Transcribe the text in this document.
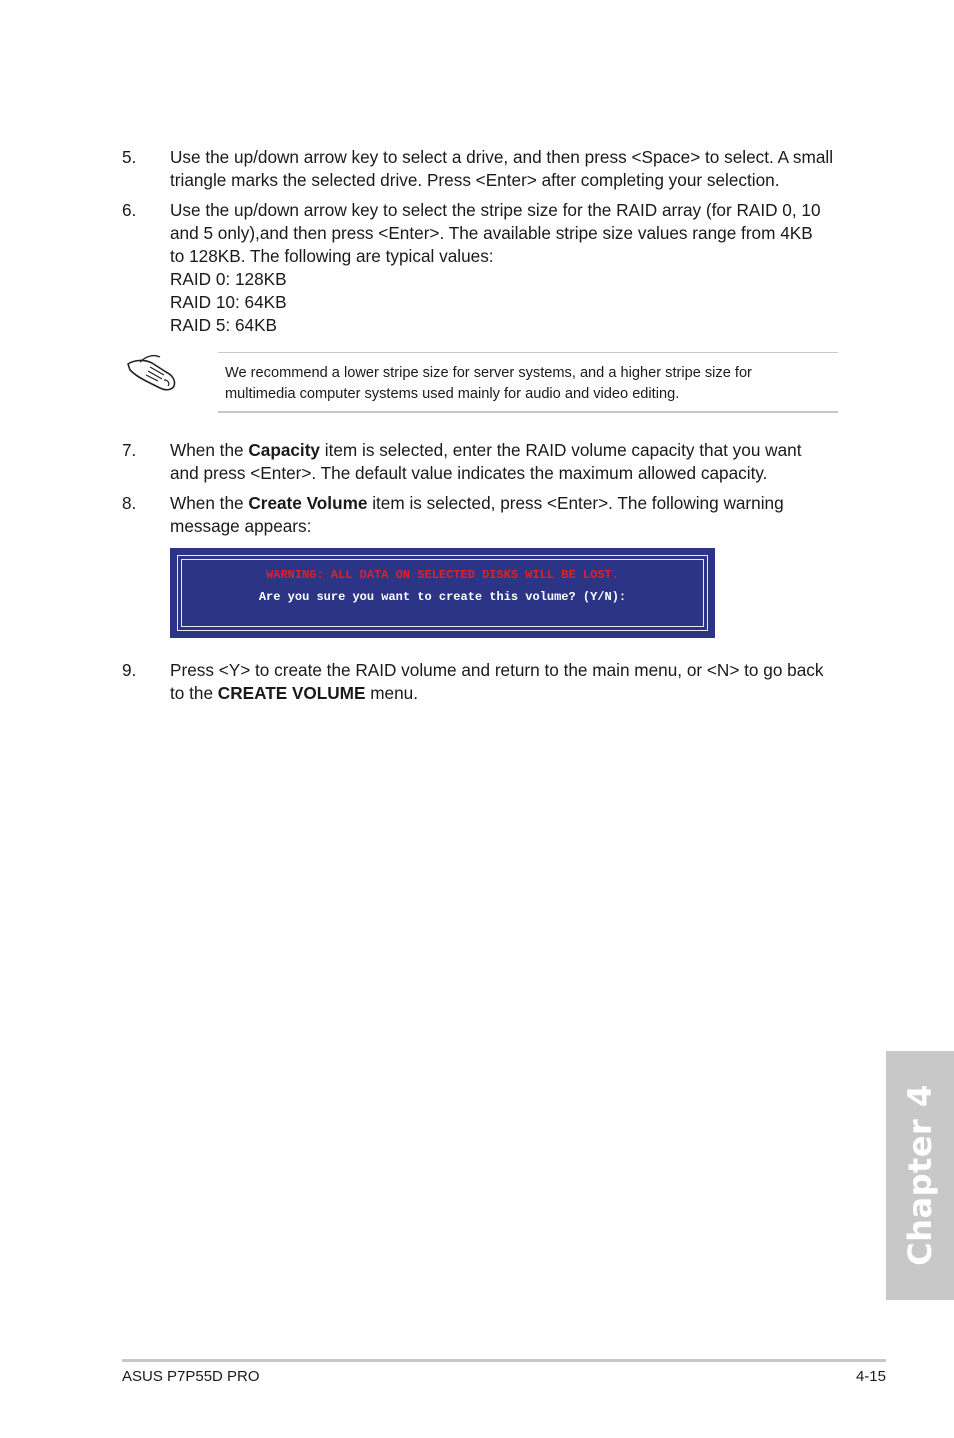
5.	Use the up/down arrow key to select a drive, and then press <Space> to select. A small
triangle marks the selected drive. Press <Enter> after completing your selection.
6.	Use the up/down arrow key to select the stripe size for the RAID array (for RAID 0, 10
and 5 only),and then press <Enter>. The available stripe size values range from 4KB
to 128KB. The following are typical values:
RAID 0: 128KB
RAID 10: 64KB
RAID 5: 64KB
We recommend a lower stripe size for server systems, and a higher stripe size for
multimedia computer systems used mainly for audio and video editing.
7.	When the Capacity item is selected, enter the RAID volume capacity that you want
and press <Enter>. The default value indicates the maximum allowed capacity.
8.	When the Create Volume item is selected, press <Enter>. The following warning
message appears:
WARNING: ALL DATA ON SELECTED DISKS WILL BE LOST.
Are you sure you want to create this volume? (Y/N):
9.	Press <Y> to create the RAID volume and return to the main menu, or <N> to go back
to the CREATE VOLUME menu.
Chapter 4
ASUS P7P55D PRO	4-15
